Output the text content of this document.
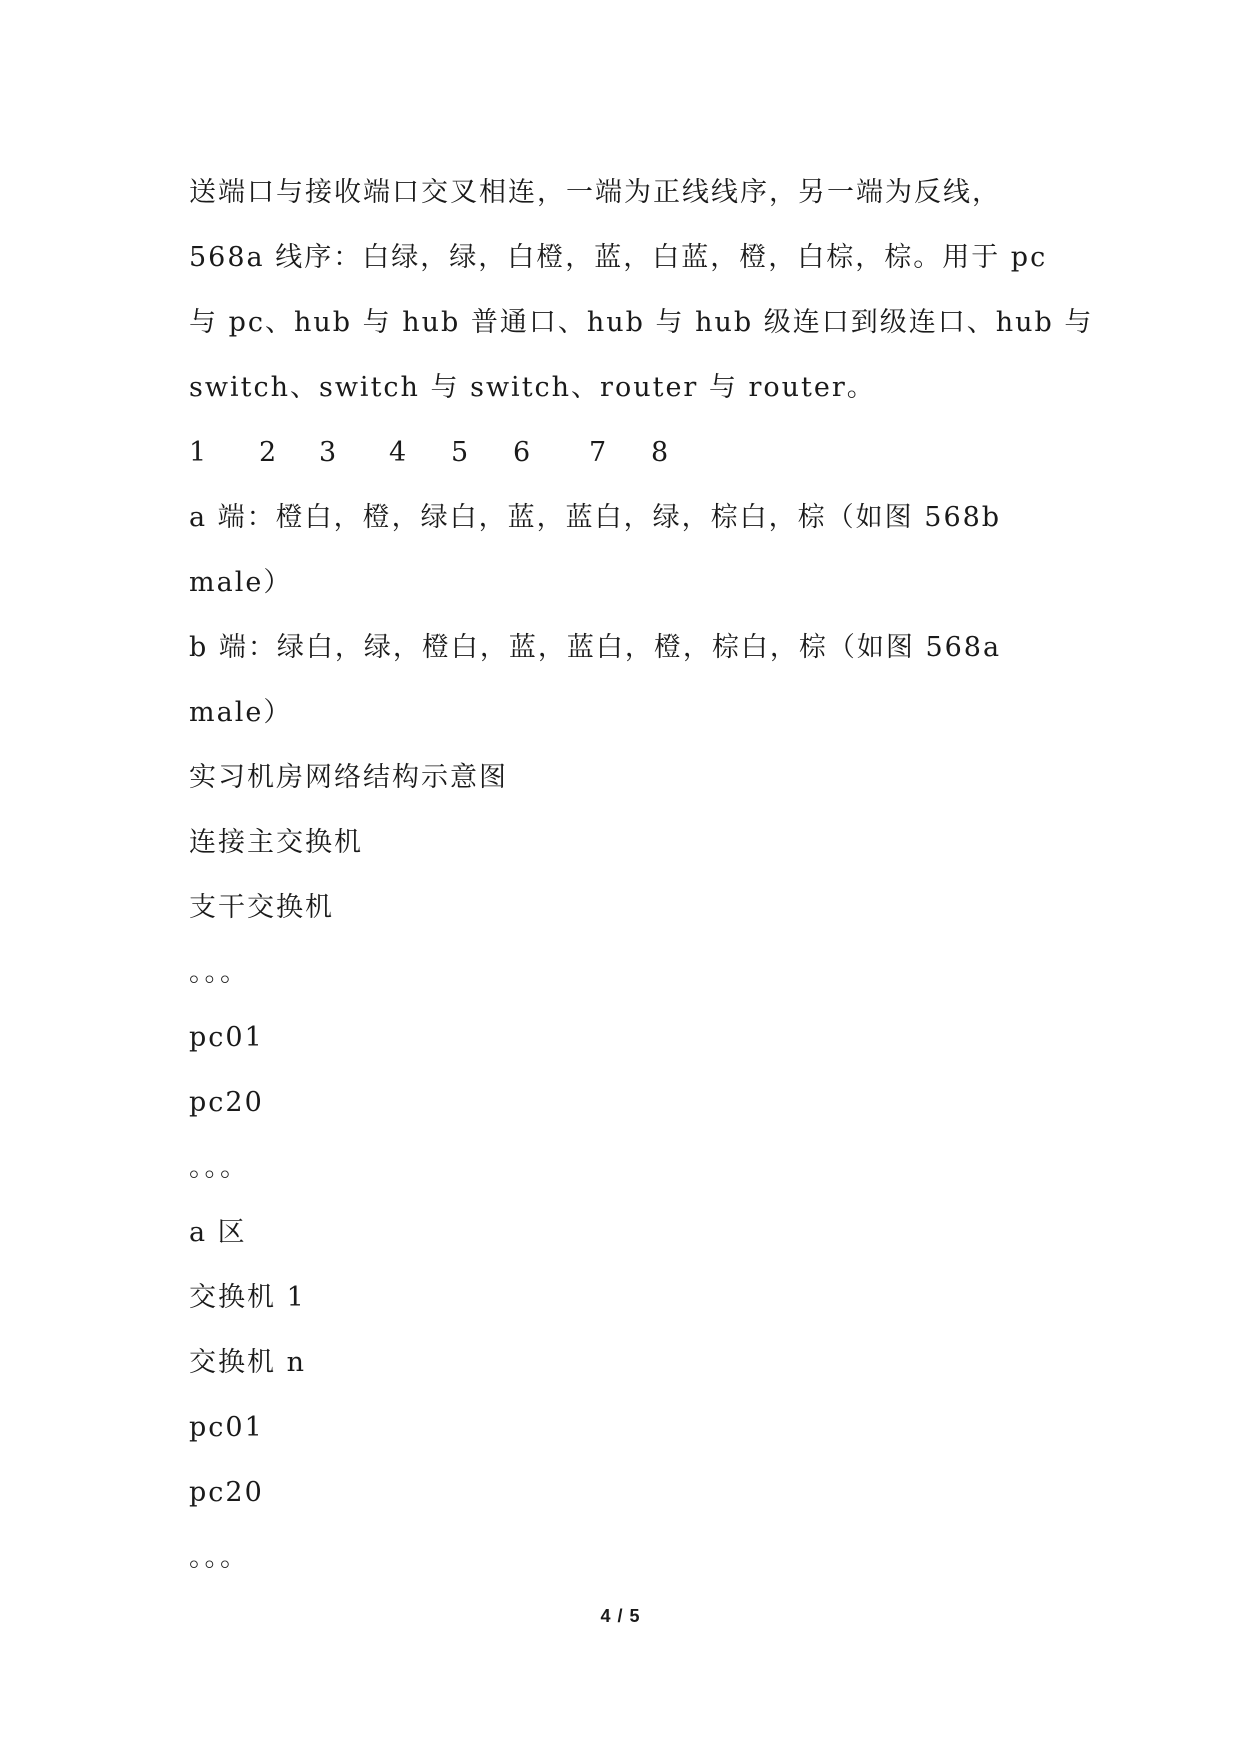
送端口与接收端口交叉相连，一端为正线线序，另一端为反线，
568a 线序：白绿，绿，白橙，蓝，白蓝，橙，白棕，棕。用于 pc
与 pc、hub 与 hub 普通口、hub 与 hub 级连口到级连口、hub 与
switch、switch 与 switch、router 与 router。
1	2	3	4	5	6	7	8
a 端：橙白，橙，绿白，蓝，蓝白，绿，棕白，棕（如图 568b
male）
b 端：绿白，绿，橙白，蓝，蓝白，橙，棕白，棕（如图 568a
male）
实习机房网络结构示意图
连接主交换机
支干交换机
。。。
pc01
pc20
。。。
a 区
交换机 1
交换机 n
pc01
pc20
。。。
4 / 5
